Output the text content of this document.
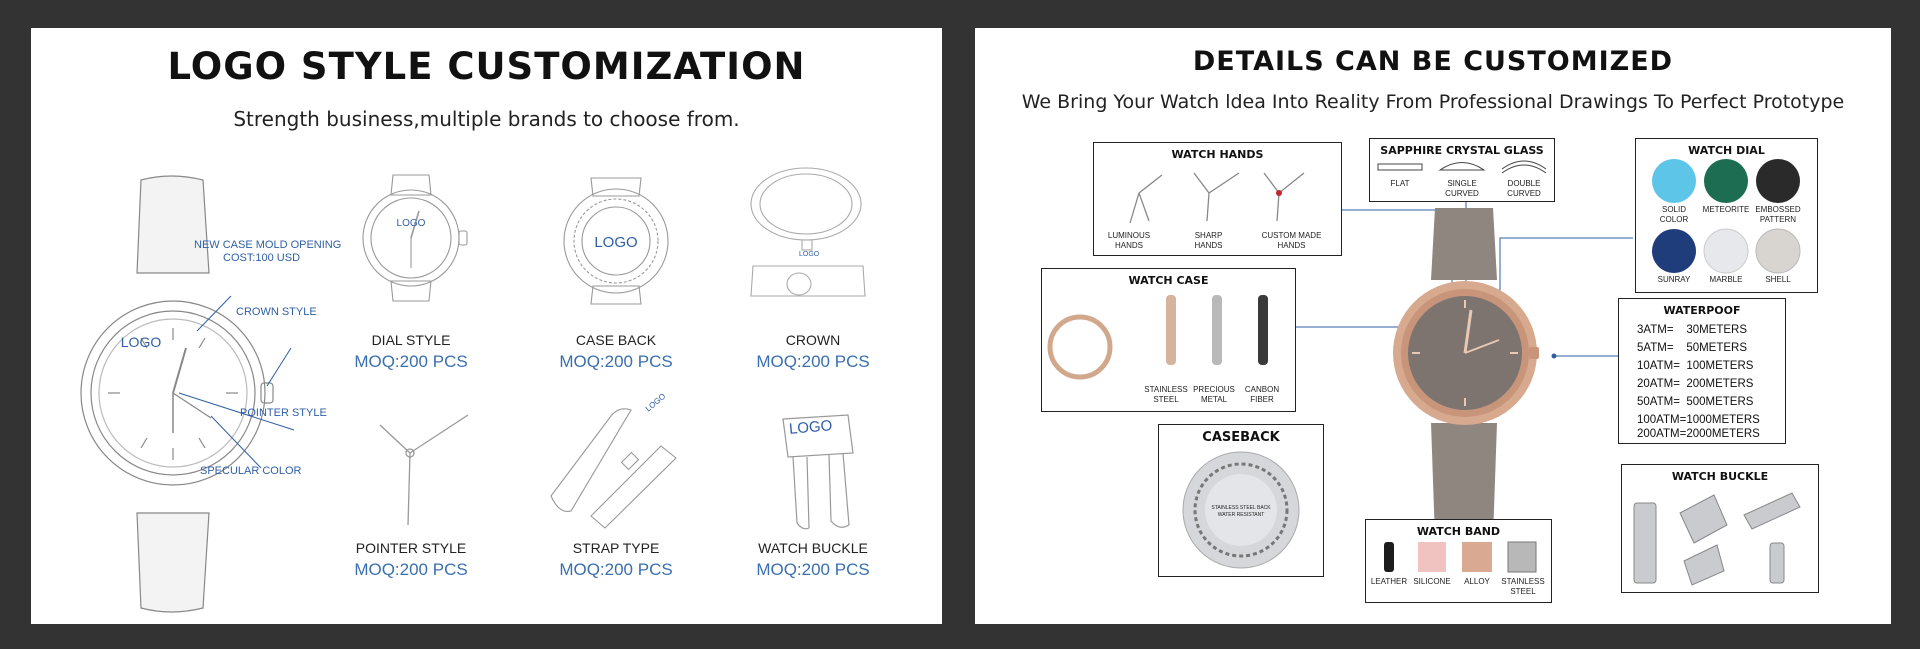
LOGO STYLE CUSTOMIZATION
Strength business,multiple brands to choose from.
LOGO
NEW CASE MOLD OPENING
COST:100 USD
CROWN STYLE
POINTER STYLE
SPECULAR COLOR
LOGO
DIAL STYLE
MOQ:200 PCS
LOGO
CASE BACK
MOQ:200 PCS
LOGO
CROWN
MOQ:200 PCS
POINTER STYLE
MOQ:200 PCS
LOGO
STRAP TYPE
MOQ:200 PCS
LOGO
WATCH BUCKLE
MOQ:200 PCS
DETAILS CAN BE CUSTOMIZED
We Bring Your Watch ldea Into Reality From Professional Drawings To Perfect Prototype
WATCH HANDS
LUMINOUS HANDS
SHARP HANDS
CUSTOM MADE HANDS
SAPPHIRE CRYSTAL GLASS
FLAT	SINGLE CURVED
DOUBLE CURVED
WATCH DIAL
SOLID COLOR
METEORITE EMBOSSED PATTERN
SUNRAY	MARBLE	SHELL
WATCH CASE
STAINLESS STEEL
PRECIOUS METAL
CANBON FIBER
WATERPOOF
3ATM=    30METERS
5ATM=    50METERS
10ATM=  100METERS
20ATM=  200METERS
50ATM=  500METERS
100ATM=1000METERS
200ATM=2000METERS
CASEBACK
STAINLESS STEEL BACK WATER RESISTANT
WATCH BAND
LEATHER SILICONE	ALLOY	STAINLESS STEEL
WATCH BUCKLE
